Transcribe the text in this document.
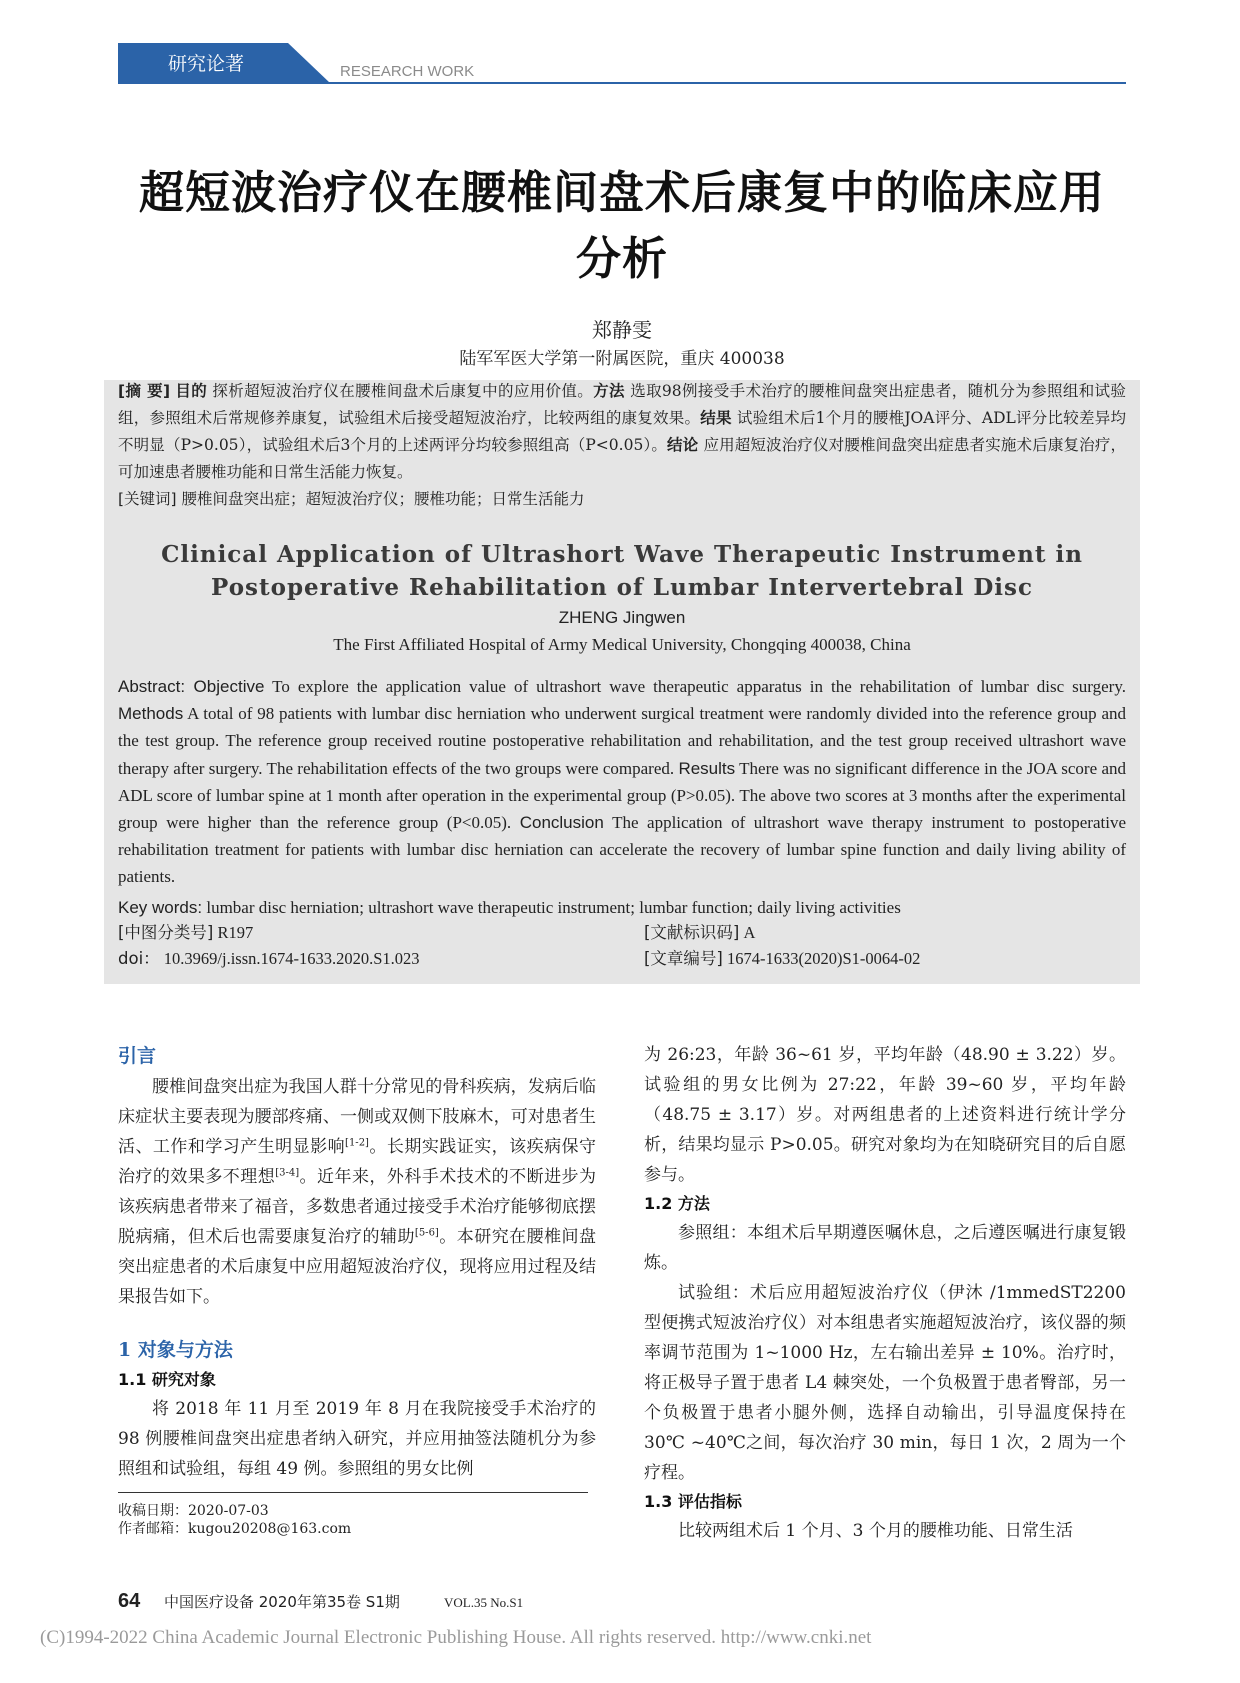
研究论著	RESEARCH WORK
超短波治疗仪在腰椎间盘术后康复中的临床应用分析
郑静雯
陆军军医大学第一附属医院，重庆 400038
[摘 要] 目的 探析超短波治疗仪在腰椎间盘术后康复中的应用价值。方法 选取98例接受手术治疗的腰椎间盘突出症患者，随机分为参照组和试验组，参照组术后常规修养康复，试验组术后接受超短波治疗，比较两组的康复效果。结果 试验组术后1个月的腰椎JOA评分、ADL评分比较差异均不明显（P>0.05），试验组术后3个月的上述两评分均较参照组高（P<0.05）。结论 应用超短波治疗仪对腰椎间盘突出症患者实施术后康复治疗，可加速患者腰椎功能和日常生活能力恢复。
[关键词] 腰椎间盘突出症；超短波治疗仪；腰椎功能；日常生活能力
Clinical Application of Ultrashort Wave Therapeutic Instrument in Postoperative Rehabilitation of Lumbar Intervertebral Disc
ZHENG Jingwen
The First Affiliated Hospital of Army Medical University, Chongqing 400038, China
Abstract: Objective To explore the application value of ultrashort wave therapeutic apparatus in the rehabilitation of lumbar disc surgery. Methods A total of 98 patients with lumbar disc herniation who underwent surgical treatment were randomly divided into the reference group and the test group. The reference group received routine postoperative rehabilitation and rehabilitation, and the test group received ultrashort wave therapy after surgery. The rehabilitation effects of the two groups were compared. Results There was no significant difference in the JOA score and ADL score of lumbar spine at 1 month after operation in the experimental group (P>0.05). The above two scores at 3 months after the experimental group were higher than the reference group (P<0.05). Conclusion The application of ultrashort wave therapy instrument to postoperative rehabilitation treatment for patients with lumbar disc herniation can accelerate the recovery of lumbar spine function and daily living ability of patients.
Key words: lumbar disc herniation; ultrashort wave therapeutic instrument; lumbar function; daily living activities
[中图分类号] R197	[文献标识码] A
doi： 10.3969/j.issn.1674-1633.2020.S1.023	[文章编号] 1674-1633(2020)S1-0064-02
引言

腰椎间盘突出症为我国人群十分常见的骨科疾病，发病后临床症状主要表现为腰部疼痛、一侧或双侧下肢麻木，可对患者生活、工作和学习产生明显影响[1-2]。长期实践证实，该疾病保守治疗的效果多不理想[3-4]。近年来，外科手术技术的不断进步为该疾病患者带来了福音，多数患者通过接受手术治疗能够彻底摆脱病痛，但术后也需要康复治疗的辅助[5-6]。本研究在腰椎间盘突出症患者的术后康复中应用超短波治疗仪，现将应用过程及结果报告如下。

1 对象与方法
1.1 研究对象

将 2018 年 11 月至 2019 年 8 月在我院接受手术治疗的 98 例腰椎间盘突出症患者纳入研究，并应用抽签法随机分为参照组和试验组，每组 49 例。参照组的男女比例

为 26:23，年龄 36~61 岁，平均年龄（48.90 ± 3.22）岁。试验组的男女比例为 27:22，年龄 39~60 岁，平均年龄（48.75 ± 3.17）岁。对两组患者的上述资料进行统计学分析，结果均显示 P>0.05。研究对象均为在知晓研究目的后自愿参与。

1.2 方法

参照组：本组术后早期遵医嘱休息，之后遵医嘱进行康复锻炼。

试验组：术后应用超短波治疗仪（伊沐 /1mmedST2200 型便携式短波治疗仪）对本组患者实施超短波治疗，该仪器的频率调节范围为 1~1000 Hz，左右输出差异 ± 10%。治疗时，将正极导子置于患者 L4 棘突处，一个负极置于患者臀部，另一个负极置于患者小腿外侧，选择自动输出，引导温度保持在 30℃ ~40℃之间，每次治疗 30 min，每日 1 次，2 周为一个疗程。

1.3 评估指标

比较两组术后 1 个月、3 个月的腰椎功能、日常生活

收稿日期：2020-07-03
作者邮箱：kugou20208@163.com
64 中国医疗设备 2020年第35卷 S1期	VOL.35 No.S1
(C)1994-2022 China Academic Journal Electronic Publishing House. All rights reserved. http://www.cnki.net
